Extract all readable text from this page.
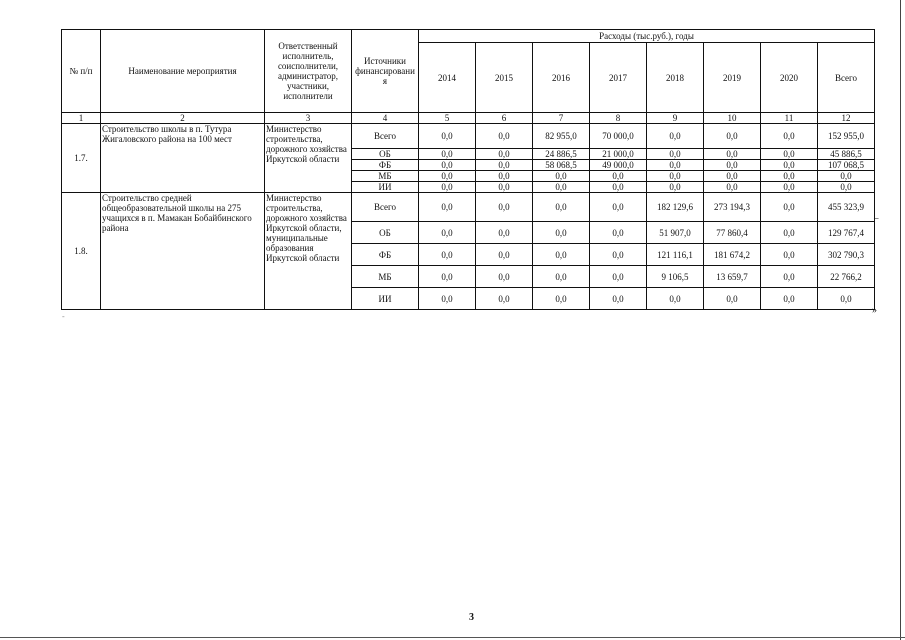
№ п/п	Наименование мероприятия	Ответственный исполнитель, соисполнители, администратор, участники, исполнители	Источники финансировани я	Расходы (тыс.руб.), годы							
				2014	2015	2016	2017	2018	2019	2020	Всего
1	2	3	4	5	6	7	8	9	10	11	12
1.7.	Строительство школы в п. Тутура Жигаловского района на 100 мест	Министерство строительства, дорожного хозяйства Иркутской области	Всего	0,0	0,0	82 955,0	70 000,0	0,0	0,0	0,0	152 955,0
			ОБ	0,0	0,0	24 886,5	21 000,0	0,0	0,0	0,0	45 886,5
			ФБ	0,0	0,0	58 068,5	49 000,0	0,0	0,0	0,0	107 068,5
			МБ	0,0	0,0	0,0	0,0	0,0	0,0	0,0	0,0
			ИИ	0,0	0,0	0,0	0,0	0,0	0,0	0,0	0,0
1.8.	Строительство средней общеобразовательной школы на 275 учащихся в п. Мамакан Бобайбинского района	Министерство строительства, дорожного хозяйства Иркутской области, муниципальные образования Иркутской области	Всего	0,0	0,0	0,0	0,0	182 129,6	273 194,3	0,0	455 323,9
			ОБ	0,0	0,0	0,0	0,0	51 907,0	77 860,4	0,0	129 767,4
			ФБ	0,0	0,0	0,0	0,0	121 116,1	181 674,2	0,0	302 790,3
			МБ	0,0	0,0	0,0	0,0	9 106,5	13 659,7	0,0	22 766,2
			ИИ	0,0	0,0	0,0	0,0	0,0	0,0	0,0	0,0
_
»
-
3
